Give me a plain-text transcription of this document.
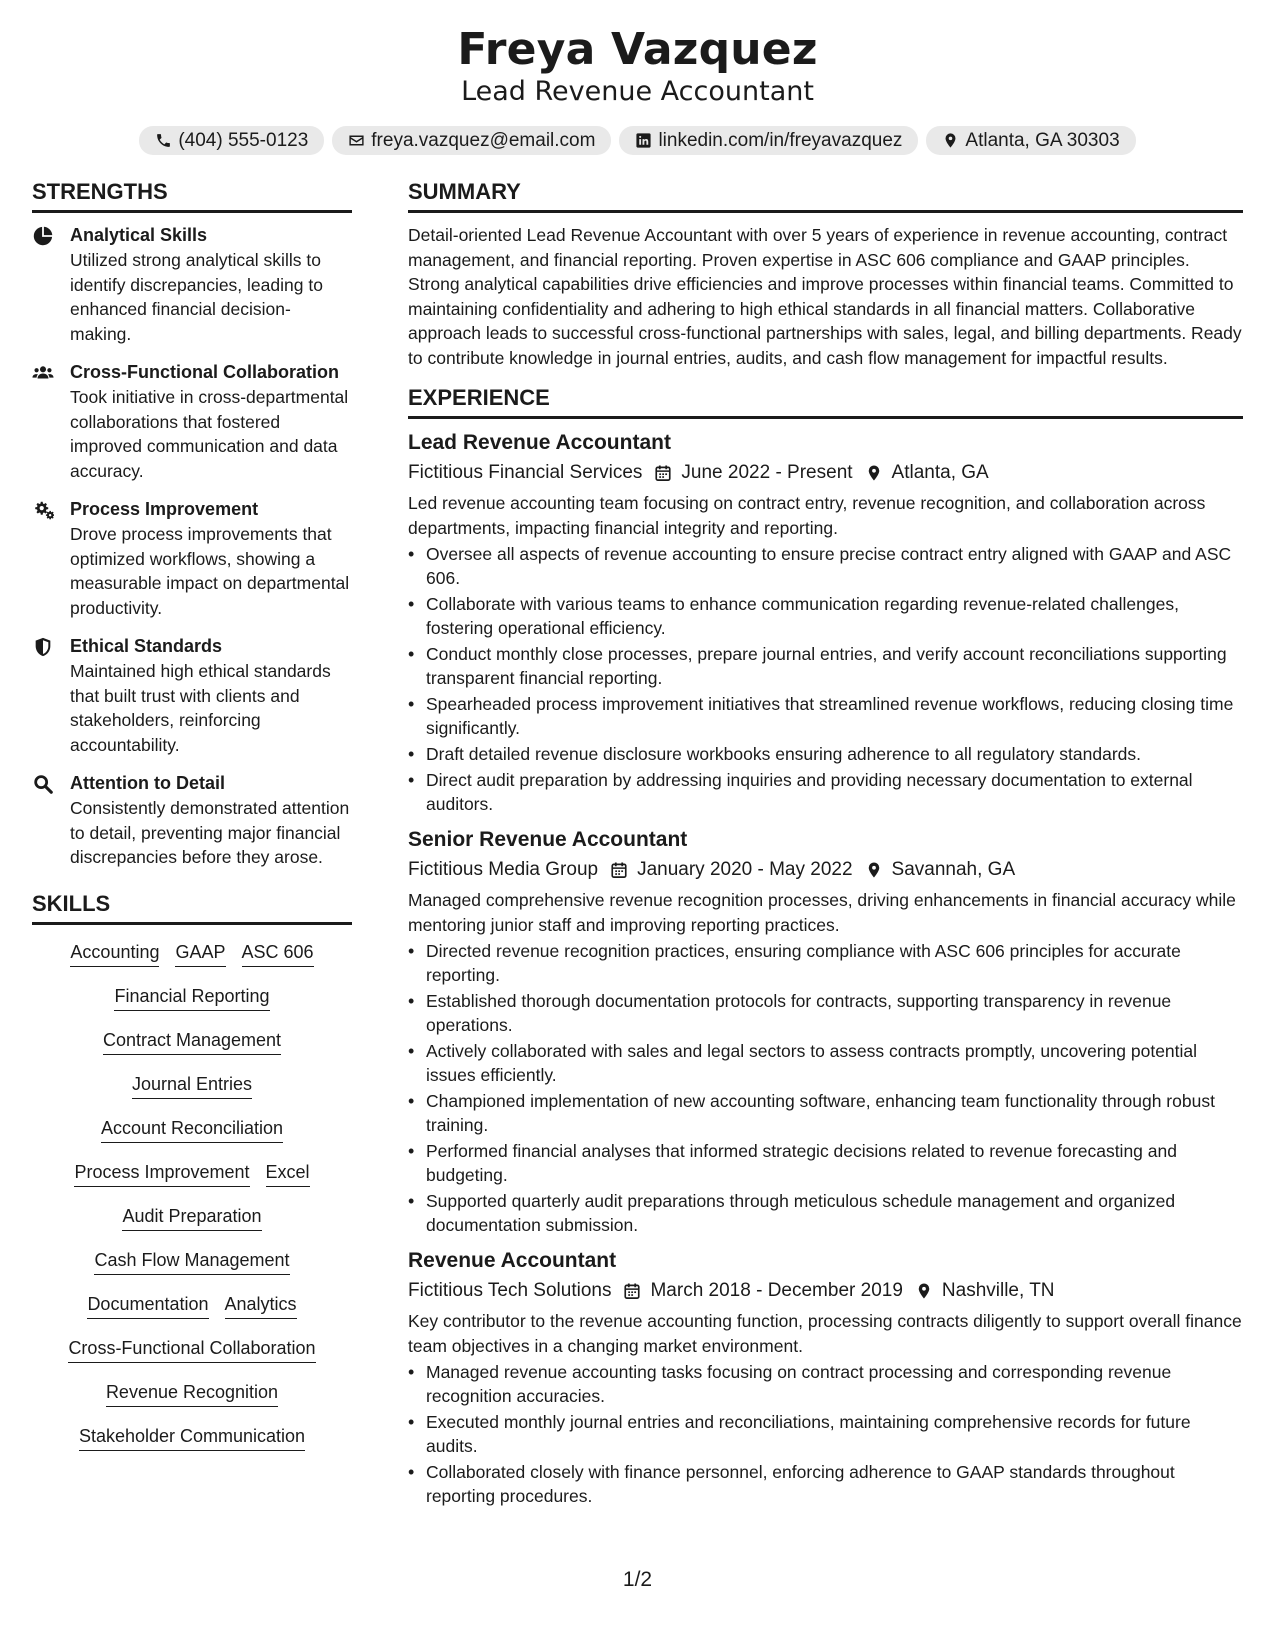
Freya Vazquez
Lead Revenue Accountant
(404) 555-0123	freya.vazquez@email.com	linkedin.com/in/freyavazquez	Atlanta, GA 30303
STRENGTHS
Analytical Skills

Utilized strong analytical skills to identify discrepancies, leading to enhanced financial decision-making.

Cross-Functional Collaboration

Took initiative in cross-departmental collaborations that fostered improved communication and data accuracy.

Process Improvement

Drove process improvements that optimized workflows, showing a measurable impact on departmental productivity.

Ethical Standards

Maintained high ethical standards that built trust with clients and stakeholders, reinforcing accountability.

Attention to Detail

Consistently demonstrated attention to detail, preventing major financial discrepancies before they arose.

SKILLS
Accounting GAAP ASC 606
Financial Reporting
Contract Management
Journal Entries
Account Reconciliation
Process Improvement Excel
Audit Preparation
Cash Flow Management
Documentation Analytics
Cross-Functional Collaboration
Revenue Recognition
Stakeholder Communication
SUMMARY

Detail-oriented Lead Revenue Accountant with over 5 years of experience in revenue accounting, contract management, and financial reporting. Proven expertise in ASC 606 compliance and GAAP principles. Strong analytical capabilities drive efficiencies and improve processes within financial teams. Committed to maintaining confidentiality and adhering to high ethical standards in all financial matters. Collaborative approach leads to successful cross-functional partnerships with sales, legal, and billing departments. Ready to contribute knowledge in journal entries, audits, and cash flow management for impactful results.

EXPERIENCE
Lead Revenue Accountant
Fictitious Financial Services June 2022 - Present Atlanta, GA

Led revenue accounting team focusing on contract entry, revenue recognition, and collaboration across departments, impacting financial integrity and reporting.

• Oversee all aspects of revenue accounting to ensure precise contract entry aligned with GAAP and ASC 606.
• Collaborate with various teams to enhance communication regarding revenue-related challenges, fostering operational efficiency.
• Conduct monthly close processes, prepare journal entries, and verify account reconciliations supporting transparent financial reporting.
• Spearheaded process improvement initiatives that streamlined revenue workflows, reducing closing time significantly.
• Draft detailed revenue disclosure workbooks ensuring adherence to all regulatory standards.
• Direct audit preparation by addressing inquiries and providing necessary documentation to external auditors.
Senior Revenue Accountant
Fictitious Media Group January 2020 - May 2022 Savannah, GA

Managed comprehensive revenue recognition processes, driving enhancements in financial accuracy while mentoring junior staff and improving reporting practices.

• Directed revenue recognition practices, ensuring compliance with ASC 606 principles for accurate reporting.
• Established thorough documentation protocols for contracts, supporting transparency in revenue operations.
• Actively collaborated with sales and legal sectors to assess contracts promptly, uncovering potential issues efficiently.
• Championed implementation of new accounting software, enhancing team functionality through robust training.
• Performed financial analyses that informed strategic decisions related to revenue forecasting and budgeting.
• Supported quarterly audit preparations through meticulous schedule management and organized documentation submission.
Revenue Accountant
Fictitious Tech Solutions March 2018 - December 2019 Nashville, TN

Key contributor to the revenue accounting function, processing contracts diligently to support overall finance team objectives in a changing market environment.

• Managed revenue accounting tasks focusing on contract processing and corresponding revenue recognition accuracies.
• Executed monthly journal entries and reconciliations, maintaining comprehensive records for future audits.
• Collaborated closely with finance personnel, enforcing adherence to GAAP standards throughout reporting procedures.
1/2
